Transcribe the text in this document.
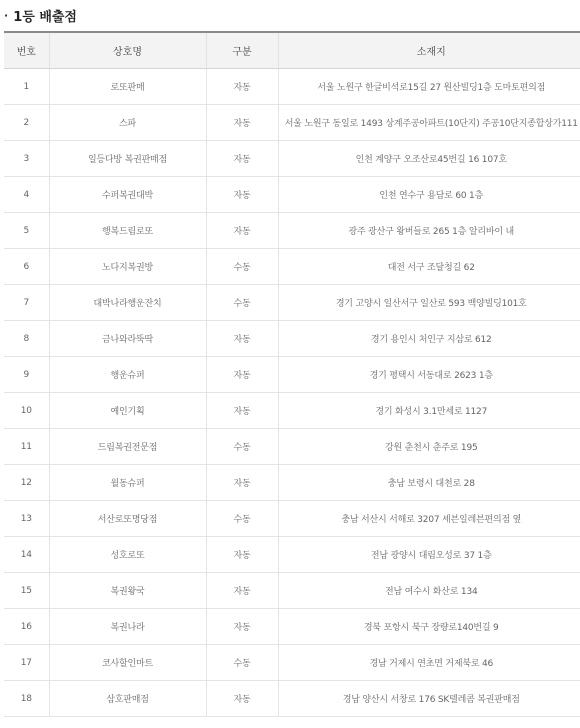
· 1등 배출점
번호	상호명	구분	소재지
1	로또판매	자동	서울 노원구 한글비석로15길 27 원산빌딩1층 도마토편의점
2	스파	자동	서울 노원구 동일로 1493 상계주공아파트(10단지) 주공10단지종합상가111
3	일등다방 복권판매점	자동	인천 계양구 오조산로45번길 16 107호
4	수퍼복권대박	자동	인천 연수구 용담로 60 1층
5	행복드림로또	자동	광주 광산구 왕버들로 265 1층 알리바이 내
6	노다지복권방	수동	대전 서구 조달청길 62
7	대박나라행운잔치	수동	경기 고양시 일산서구 일산로 593 백양빌딩101호
8	금나와라뚝딱	자동	경기 용인시 처인구 지삼로 612
9	행운슈퍼	자동	경기 평택시 서동대로 2623 1층
10	예인기획	자동	경기 화성시 3.1만세로 1127
11	드림복권전문점	수동	강원 춘천시 춘주로 195
12	월동슈퍼	자동	충남 보령시 대천로 28
13	서산로또명당점	수동	충남 서산시 서해로 3207 세븐일레븐편의점 옆
14	성호로또	자동	전남 광양시 대림오성로 37 1층
15	복권왕국	자동	전남 여수시 화산로 134
16	복권나라	자동	경북 포항시 북구 장량로140번길 9
17	코사할인마트	수동	경남 거제시 연초면 거제북로 46
18	삼호판매점	자동	경남 양산시 서창로 176 SK텔레콤 복권판매점
